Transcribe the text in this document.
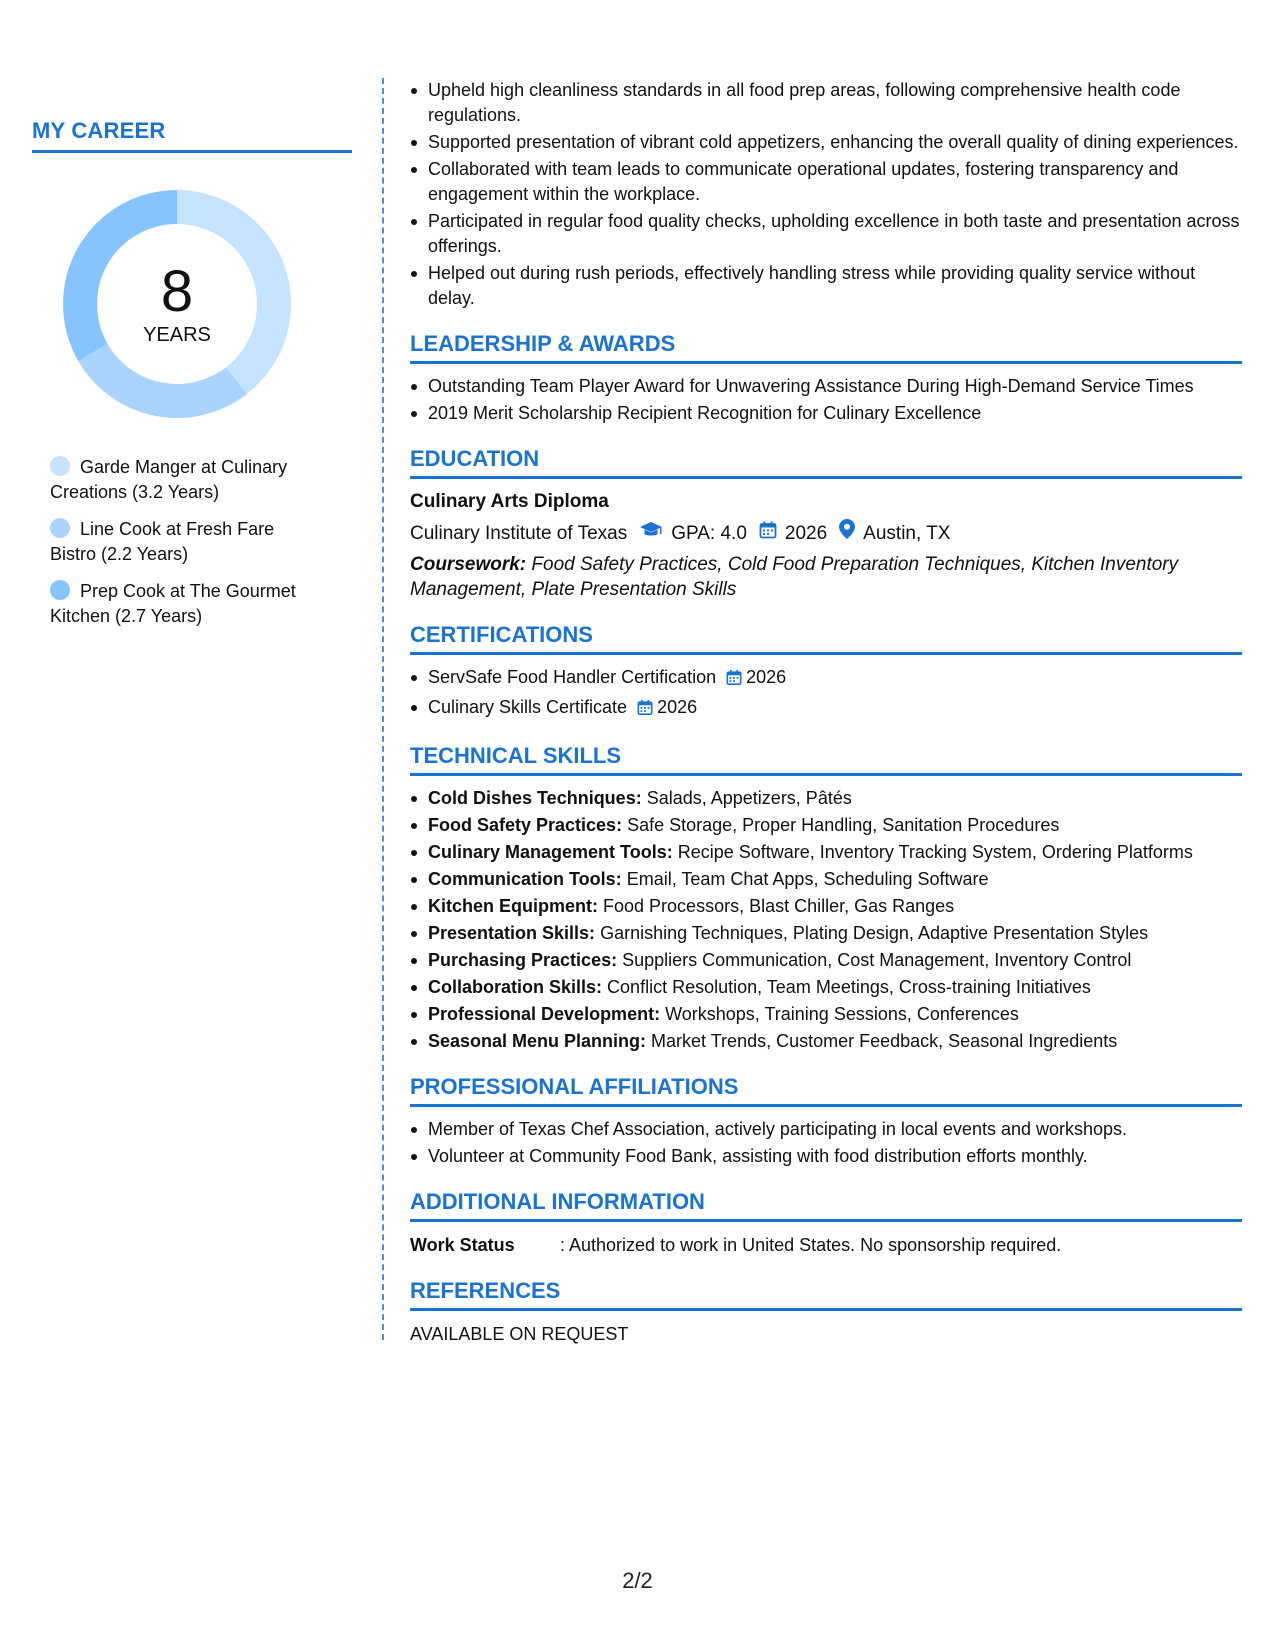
MY CAREER
8
YEARS
Garde Manger at Culinary Creations (3.2 Years)
Line Cook at Fresh Fare Bistro (2.2 Years)
Prep Cook at The Gourmet Kitchen (2.7 Years)
Upheld high cleanliness standards in all food prep areas, following comprehensive health code regulations.
Supported presentation of vibrant cold appetizers, enhancing the overall quality of dining experiences.
Collaborated with team leads to communicate operational updates, fostering transparency and engagement within the workplace.
Participated in regular food quality checks, upholding excellence in both taste and presentation across offerings.
Helped out during rush periods, effectively handling stress while providing quality service without delay.
LEADERSHIP & AWARDS
Outstanding Team Player Award for Unwavering Assistance During High-Demand Service Times
2019 Merit Scholarship Recipient Recognition for Culinary Excellence
EDUCATION
Culinary Arts Diploma
Culinary Institute of Texas GPA: 4.0 2026 Austin, TX
Coursework: Food Safety Practices, Cold Food Preparation Techniques, Kitchen Inventory Management, Plate Presentation Skills
CERTIFICATIONS
ServSafe Food Handler Certification 2026
Culinary Skills Certificate 2026
TECHNICAL SKILLS
Cold Dishes Techniques: Salads, Appetizers, Pâtés
Food Safety Practices: Safe Storage, Proper Handling, Sanitation Procedures
Culinary Management Tools: Recipe Software, Inventory Tracking System, Ordering Platforms
Communication Tools: Email, Team Chat Apps, Scheduling Software
Kitchen Equipment: Food Processors, Blast Chiller, Gas Ranges
Presentation Skills: Garnishing Techniques, Plating Design, Adaptive Presentation Styles
Purchasing Practices: Suppliers Communication, Cost Management, Inventory Control
Collaboration Skills: Conflict Resolution, Team Meetings, Cross-training Initiatives
Professional Development: Workshops, Training Sessions, Conferences
Seasonal Menu Planning: Market Trends, Customer Feedback, Seasonal Ingredients
PROFESSIONAL AFFILIATIONS
Member of Texas Chef Association, actively participating in local events and workshops.
Volunteer at Community Food Bank, assisting with food distribution efforts monthly.
ADDITIONAL INFORMATION
Work Status	: Authorized to work in United States. No sponsorship required.
REFERENCES
AVAILABLE ON REQUEST
2/2
